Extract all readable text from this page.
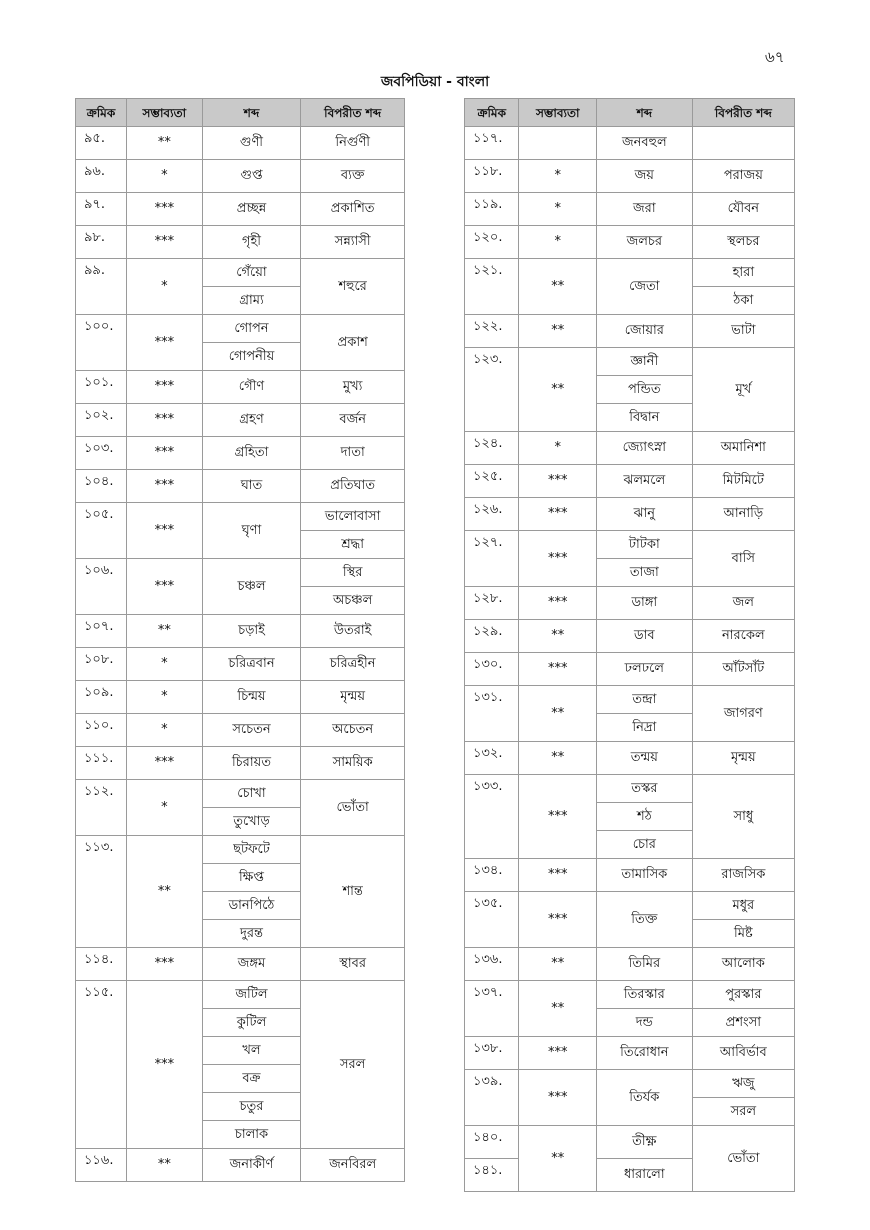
৬৭
জবপিডিয়া - বাংলা
ক্রমিক	সম্ভাব্যতা	শব্দ	বিপরীত শব্দ
৯৫.	**	গুণী	নির্গুণী
৯৬.	*	গুপ্ত	ব্যক্ত
৯৭.	***	প্রচ্ছন্ন	প্রকাশিত
৯৮.	***	গৃহী	সন্ন্যাসী
৯৯.	*	গেঁয়ো	শহুরে
		গ্রাম্য	
১০০.	***	গোপন	প্রকাশ
		গোপনীয়	
১০১.	***	গৌণ	মুখ্য
১০২.	***	গ্রহণ	বর্জন
১০৩.	***	গ্রহিতা	দাতা
১০৪.	***	ঘাত	প্রতিঘাত
১০৫.	***	ঘৃণা	ভালোবাসা
			শ্রদ্ধা
১০৬.	***	চঞ্চল	স্থির
			অচঞ্চল
১০৭.	**	চড়াই	উতরাই
১০৮.	*	চরিত্রবান	চরিত্রহীন
১০৯.	*	চিন্ময়	মৃন্ময়
১১০.	*	সচেতন	অচেতন
১১১.	***	চিরায়ত	সাময়িক
১১২.	*	চোখা	ভোঁতা
		তুখোড়	
১১৩.	**	ছটফটে	শান্ত
		ক্ষিপ্ত	
		ডানপিঠে	
		দুরন্ত	
১১৪.	***	জঙ্গম	স্থাবর
১১৫.	***	জটিল	সরল
		কুটিল	
		খল	
		বক্র	
		চতুর	
		চালাক	
১১৬.	**	জনাকীর্ণ	জনবিরল
ক্রমিক	সম্ভাব্যতা	শব্দ	বিপরীত শব্দ
১১৭.		জনবহুল	
১১৮.	*	জয়	পরাজয়
১১৯.	*	জরা	যৌবন
১২০.	*	জলচর	স্থলচর
১২১.	**	জেতা	হারা
			ঠকা
১২২.	**	জোয়ার	ভাটা
১২৩.	**	জ্ঞানী	মূর্খ
		পন্ডিত	
		বিদ্বান	
১২৪.	*	জ্যোৎস্না	অমানিশা
১২৫.	***	ঝলমলে	মিটমিটে
১২৬.	***	ঝানু	আনাড়ি
১২৭.	***	টাটকা	বাসি
		তাজা	
১২৮.	***	ডাঙ্গা	জল
১২৯.	**	ডাব	নারকেল
১৩০.	***	ঢলঢলে	আঁটসাঁট
১৩১.	**	তন্দ্রা	জাগরণ
		নিদ্রা	
১৩২.	**	তন্ময়	মৃন্ময়
১৩৩.	***	তস্কর	সাধু
		শঠ	
		চোর	
১৩৪.	***	তামাসিক	রাজসিক
১৩৫.	***	তিক্ত	মধুর
			মিষ্ট
১৩৬.	**	তিমির	আলোক
১৩৭.	**	তিরস্কার	পুরস্কার
		দন্ড	প্রশংসা
১৩৮.	***	তিরোধান	আবির্ভাব
১৩৯.	***	তির্যক	ঋজু
			সরল
১৪০.	**	তীক্ষ্ণ	ভোঁতা
১৪১.		ধারালো	
